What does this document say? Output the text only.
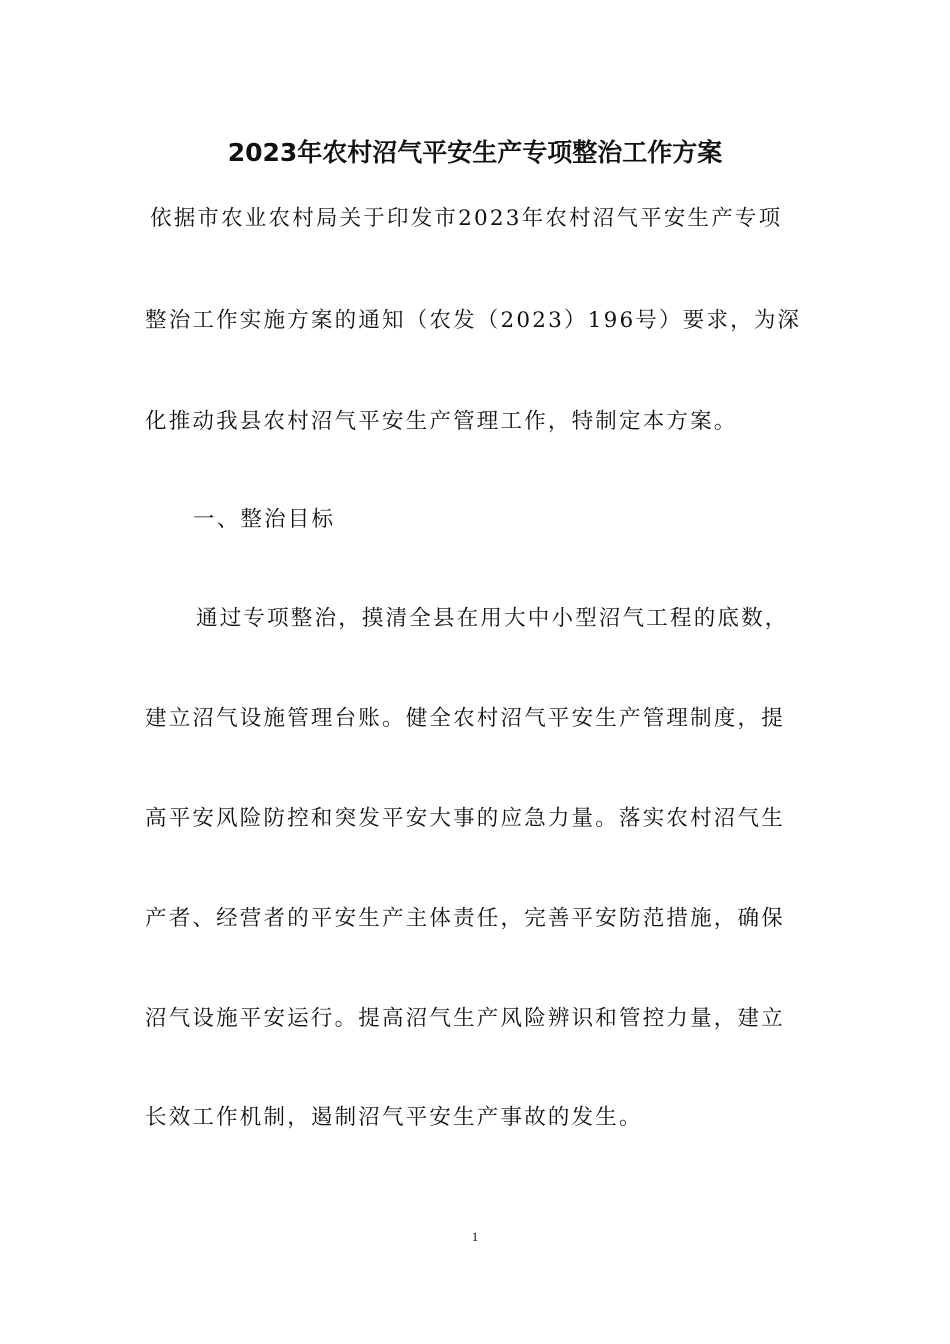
2023年农村沼气平安生产专项整治工作方案
依据市农业农村局关于印发市2023年农村沼气平安生产专项
整治工作实施方案的通知（农发（2023）196号）要求，为深
化推动我县农村沼气平安生产管理工作，特制定本方案。
一、整治目标
通过专项整治，摸清全县在用大中小型沼气工程的底数，
建立沼气设施管理台账。健全农村沼气平安生产管理制度，提
高平安风险防控和突发平安大事的应急力量。落实农村沼气生
产者、经营者的平安生产主体责任，完善平安防范措施，确保
沼气设施平安运行。提高沼气生产风险辨识和管控力量，建立
长效工作机制，遏制沼气平安生产事故的发生。
1
